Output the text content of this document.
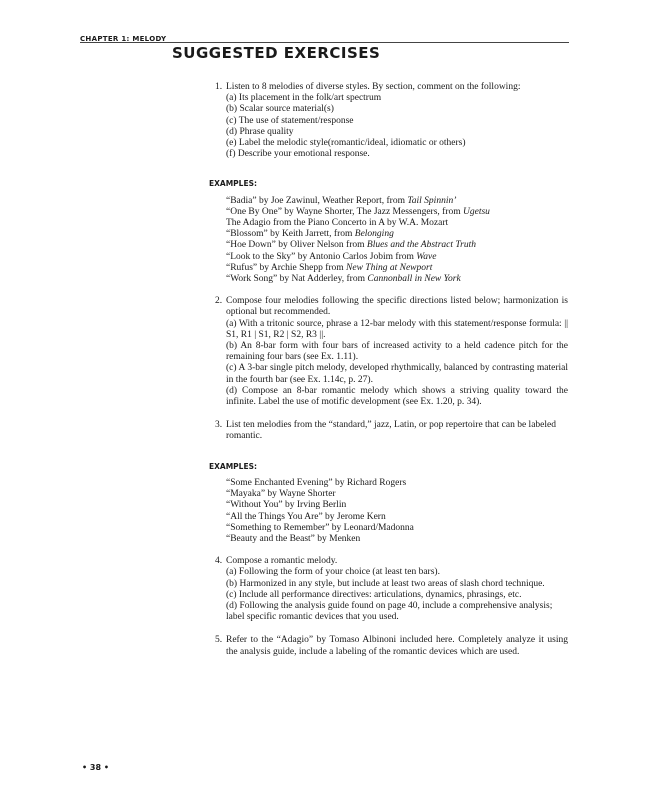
CHAPTER 1: MELODY
SUGGESTED EXERCISES
1. Listen to 8 melodies of diverse styles. By section, comment on the following:
(a) Its placement in the folk/art spectrum
(b) Scalar source material(s)
(c) The use of statement/response
(d) Phrase quality
(e) Label the melodic style(romantic/ideal, idiomatic or others)
(f) Describe your emotional response.
EXAMPLES:
“Badia” by Joe Zawinul, Weather Report, from Tail Spinnin’
“One By One” by Wayne Shorter, The Jazz Messengers, from Ugetsu
The Adagio from the Piano Concerto in A by W.A. Mozart
“Blossom” by Keith Jarrett, from Belonging
“Hoe Down” by Oliver Nelson from Blues and the Abstract Truth
“Look to the Sky” by Antonio Carlos Jobim from Wave
“Rufus” by Archie Shepp from New Thing at Newport
“Work Song” by Nat Adderley, from Cannonball in New York
2. Compose four melodies following the specific directions listed below; harmonization is optional but recommended.
(a) With a tritonic source, phrase a 12-bar melody with this statement/response formula: || S1, R1 | S1, R2 | S2, R3 ||.
(b) An 8-bar form with four bars of increased activity to a held cadence pitch for the remaining four bars (see Ex. 1.11).
(c) A 3-bar single pitch melody, developed rhythmically, balanced by contrasting material in the fourth bar (see Ex. 1.14c, p. 27).
(d) Compose an 8-bar romantic melody which shows a striving quality toward the infinite. Label the use of motific development (see Ex. 1.20, p. 34).
3. List ten melodies from the “standard,” jazz, Latin, or pop repertoire that can be labeled romantic.
EXAMPLES:
“Some Enchanted Evening” by Richard Rogers
“Mayaka” by Wayne Shorter
“Without You” by Irving Berlin
“All the Things You Are” by Jerome Kern
“Something to Remember” by Leonard/Madonna
“Beauty and the Beast” by Menken
4. Compose a romantic melody.
(a) Following the form of your choice (at least ten bars).
(b) Harmonized in any style, but include at least two areas of slash chord technique.
(c) Include all performance directives: articulations, dynamics, phrasings, etc.
(d) Following the analysis guide found on page 40, include a comprehensive analysis; label specific romantic devices that you used.
5. Refer to the “Adagio” by Tomaso Albinoni included here. Completely analyze it using the analysis guide, include a labeling of the romantic devices which are used.
• 38 •
